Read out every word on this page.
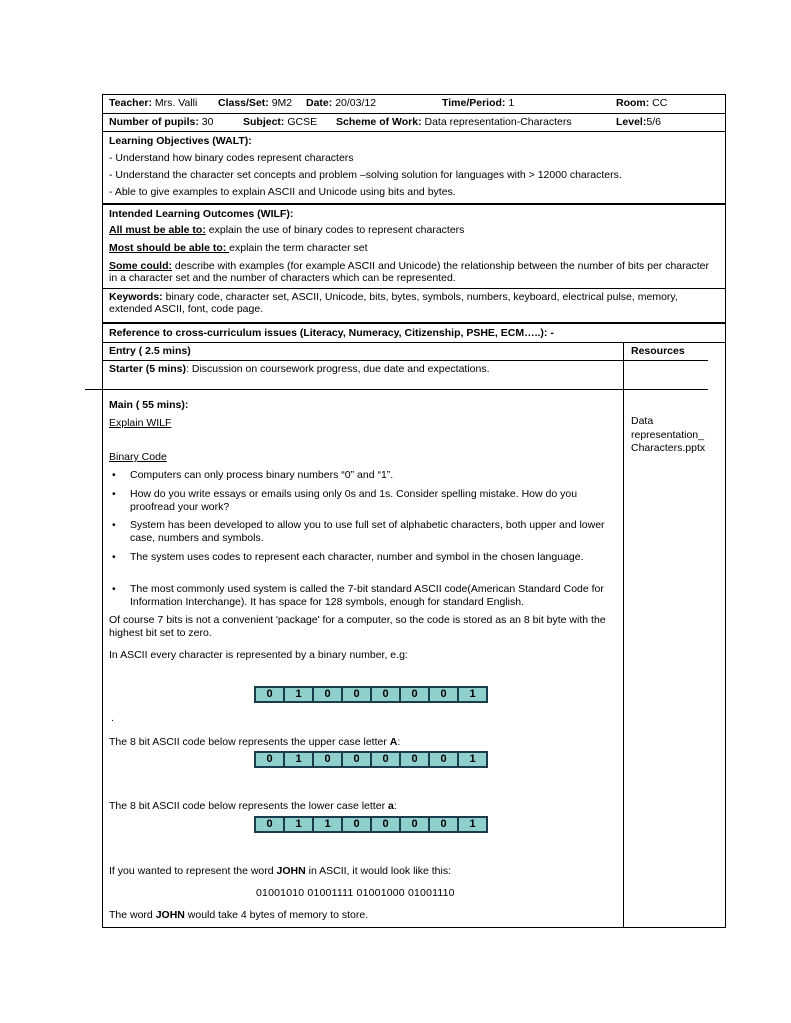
Teacher: Mrs. Valli Class/Set: 9M2 Date: 20/03/12	Time/Period: 1	Room: CC
Number of pupils: 30	Subject: GCSE Scheme of Work: Data representation-Characters	Level:5/6
Learning Objectives (WALT):
- Understand how binary codes represent characters
- Understand the character set concepts and problem –solving solution for languages with > 12000 characters.
- Able to give examples to explain ASCII and Unicode using bits and bytes.
Intended Learning Outcomes (WILF):
All must be able to: explain the use of binary codes to represent characters
Most should be able to: explain the term character set
Some could: describe with examples (for example ASCII and Unicode) the relationship between the number of bits per character in a character set and the number of characters which can be represented.
Keywords: binary code, character set, ASCII, Unicode, bits, bytes, symbols, numbers, keyboard, electrical pulse, memory, extended ASCII, font, code page.
Reference to cross-curriculum issues (Literacy, Numeracy, Citizenship, PSHE, ECM…..): -
Entry ( 2.5 mins)	Resources
Starter (5 mins): Discussion on coursework progress, due date and expectations.
Main ( 55 mins):
Explain WILF	Data representation_ Characters.pptx
Binary Code
• Computers can only process binary numbers “0” and “1”.
• How do you write essays or emails using only 0s and 1s. Consider spelling mistake. How do you proofread your work?
• System has been developed to allow you to use full set of alphabetic characters, both upper and lower case, numbers and symbols.
• The system uses codes to represent each character, number and symbol in the chosen language.
• The most commonly used system is called the 7-bit standard ASCII code(American Standard Code for Information Interchange). It has space for 128 symbols, enough for standard English.
Of course 7 bits is not a convenient 'package' for a computer, so the code is stored as an 8 bit byte with the highest bit set to zero.
In ASCII every character is represented by a binary number, e.g:
0	1	0	0	0	0	0	1
.
The 8 bit ASCII code below represents the upper case letter A:
0	1	0	0	0	0	0	1
The 8 bit ASCII code below represents the lower case letter a:
0	1	1	0	0	0	0	1
If you wanted to represent the word JOHN in ASCII, it would look like this:
01001010 01001111 01001000 01001110
The word JOHN would take 4 bytes of memory to store.
